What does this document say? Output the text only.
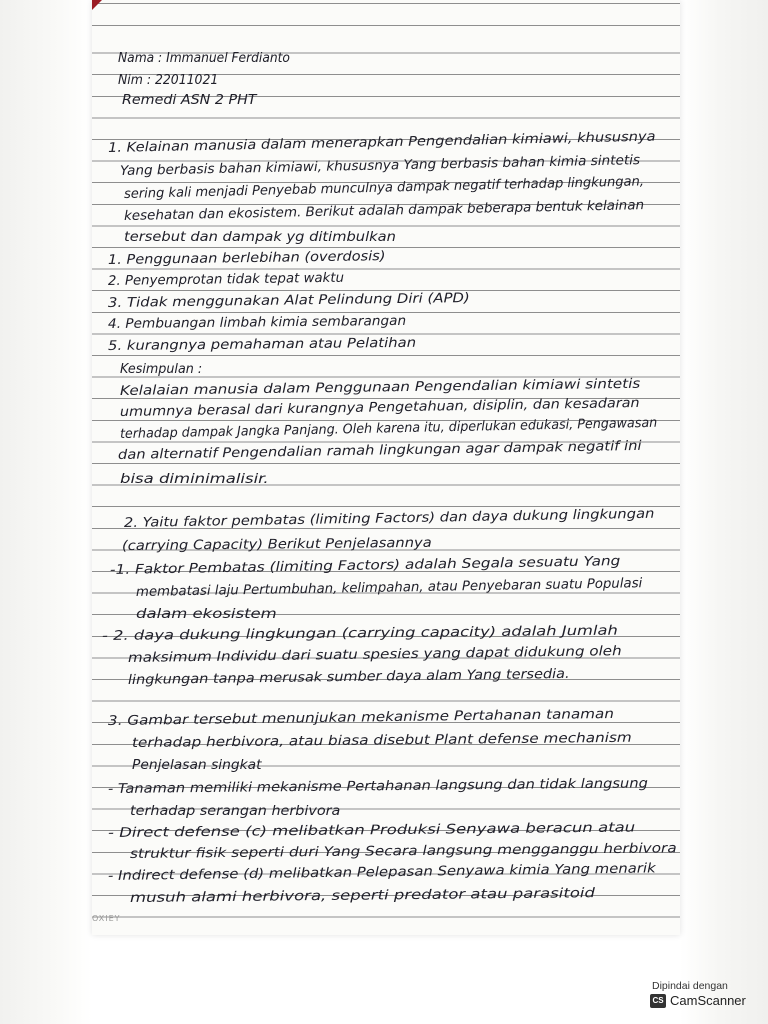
Nama : Immanuel Ferdianto
Nim : 22011021
Remedi ASN 2 PHT
1. Kelainan manusia dalam menerapkan Pengendalian kimiawi, khususnya
Yang berbasis bahan kimiawi, khususnya Yang berbasis bahan kimia sintetis
sering kali menjadi Penyebab munculnya dampak negatif terhadap lingkungan,
kesehatan dan ekosistem. Berikut adalah dampak beberapa bentuk kelainan
tersebut dan dampak yg ditimbulkan
1. Penggunaan berlebihan (overdosis)
2. Penyemprotan tidak tepat waktu
3. Tidak menggunakan Alat Pelindung Diri (APD)
4. Pembuangan limbah kimia sembarangan
5. kurangnya pemahaman atau Pelatihan
Kesimpulan :
Kelalaian manusia dalam Penggunaan Pengendalian kimiawi sintetis
umumnya berasal dari kurangnya Pengetahuan, disiplin, dan kesadaran
terhadap dampak Jangka Panjang. Oleh karena itu, diperlukan edukasi, Pengawasan
dan alternatif Pengendalian ramah lingkungan agar dampak negatif ini
bisa diminimalisir.
2. Yaitu faktor pembatas (limiting Factors) dan daya dukung lingkungan
(carrying Capacity) Berikut Penjelasannya
-1. Faktor Pembatas (limiting Factors) adalah Segala sesuatu Yang
membatasi laju Pertumbuhan, kelimpahan, atau Penyebaran suatu Populasi
dalam ekosistem
- 2. daya dukung lingkungan (carrying capacity) adalah Jumlah
maksimum Individu dari suatu spesies yang dapat didukung oleh
lingkungan tanpa merusak sumber daya alam Yang tersedia.
3. Gambar tersebut menunjukan mekanisme Pertahanan tanaman
terhadap herbivora, atau biasa disebut Plant defense mechanism
Penjelasan singkat
- Tanaman memiliki mekanisme Pertahanan langsung dan tidak langsung
terhadap serangan herbivora
- Direct defense (c) melibatkan Produksi Senyawa beracun atau
struktur fisik seperti duri Yang Secara langsung mengganggu herbivora
- Indirect defense (d) melibatkan Pelepasan Senyawa kimia Yang menarik
musuh alami herbivora, seperti predator atau parasitoid
OXIEY
Dipindai dengan
CS CamScanner
